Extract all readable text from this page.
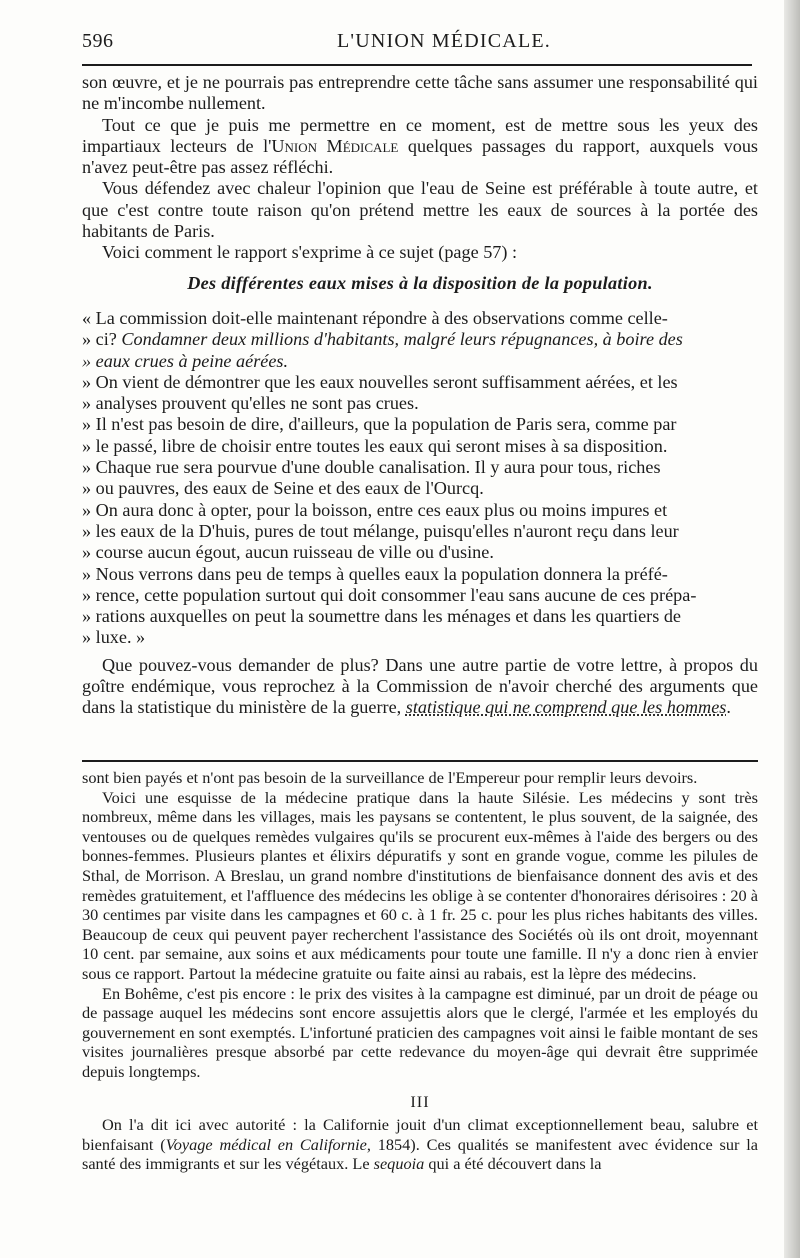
596	L'UNION MÉDICALE.

son œuvre, et je ne pourrais pas entreprendre cette tâche sans assumer une responsabilité qui ne m'incombe nullement.

Tout ce que je puis me permettre en ce moment, est de mettre sous les yeux des impartiaux lecteurs de l'Union Médicale quelques passages du rapport, auxquels vous n'avez peut-être pas assez réfléchi.

Vous défendez avec chaleur l'opinion que l'eau de Seine est préférable à toute autre, et que c'est contre toute raison qu'on prétend mettre les eaux de sources à la portée des habitants de Paris.

Voici comment le rapport s'exprime à ce sujet (page 57) :

Des différentes eaux mises à la disposition de la population.

« La commission doit-elle maintenant répondre à des observations comme celle-

» ci? Condamner deux millions d'habitants, malgré leurs répugnances, à boire des

» eaux crues à peine aérées.

» On vient de démontrer que les eaux nouvelles seront suffisamment aérées, et les

» analyses prouvent qu'elles ne sont pas crues.

» Il n'est pas besoin de dire, d'ailleurs, que la population de Paris sera, comme par

» le passé, libre de choisir entre toutes les eaux qui seront mises à sa disposition.

» Chaque rue sera pourvue d'une double canalisation. Il y aura pour tous, riches

» ou pauvres, des eaux de Seine et des eaux de l'Ourcq.

» On aura donc à opter, pour la boisson, entre ces eaux plus ou moins impures et

» les eaux de la D'huis, pures de tout mélange, puisqu'elles n'auront reçu dans leur

» course aucun égout, aucun ruisseau de ville ou d'usine.

» Nous verrons dans peu de temps à quelles eaux la population donnera la préfé-

» rence, cette population surtout qui doit consommer l'eau sans aucune de ces prépa-

» rations auxquelles on peut la soumettre dans les ménages et dans les quartiers de

» luxe. »

Que pouvez-vous demander de plus? Dans une autre partie de votre lettre, à propos du goître endémique, vous reprochez à la Commission de n'avoir cherché des arguments que dans la statistique du ministère de la guerre, statistique qui ne comprend que les hommes.

sont bien payés et n'ont pas besoin de la surveillance de l'Empereur pour remplir leurs devoirs.

Voici une esquisse de la médecine pratique dans la haute Silésie. Les médecins y sont très nombreux, même dans les villages, mais les paysans se contentent, le plus souvent, de la saignée, des ventouses ou de quelques remèdes vulgaires qu'ils se procurent eux-mêmes à l'aide des bergers ou des bonnes-femmes. Plusieurs plantes et élixirs dépuratifs y sont en grande vogue, comme les pilules de Sthal, de Morrison. A Breslau, un grand nombre d'institutions de bienfaisance donnent des avis et des remèdes gratuitement, et l'affluence des médecins les oblige à se contenter d'honoraires dérisoires : 20 à 30 centimes par visite dans les campagnes et 60 c. à 1 fr. 25 c. pour les plus riches habitants des villes. Beaucoup de ceux qui peuvent payer recherchent l'assistance des Sociétés où ils ont droit, moyennant 10 cent. par semaine, aux soins et aux médicaments pour toute une famille. Il n'y a donc rien à envier sous ce rapport. Partout la médecine gratuite ou faite ainsi au rabais, est la lèpre des médecins.

En Bohême, c'est pis encore : le prix des visites à la campagne est diminué, par un droit de péage ou de passage auquel les médecins sont encore assujettis alors que le clergé, l'armée et les employés du gouvernement en sont exemptés. L'infortuné praticien des campagnes voit ainsi le faible montant de ses visites journalières presque absorbé par cette redevance du moyen-âge qui devrait être supprimée depuis longtemps.

III

On l'a dit ici avec autorité : la Californie jouit d'un climat exceptionnellement beau, salubre et bienfaisant (Voyage médical en Californie, 1854). Ces qualités se manifestent avec évidence sur la santé des immigrants et sur les végétaux. Le sequoia qui a été découvert dans la
